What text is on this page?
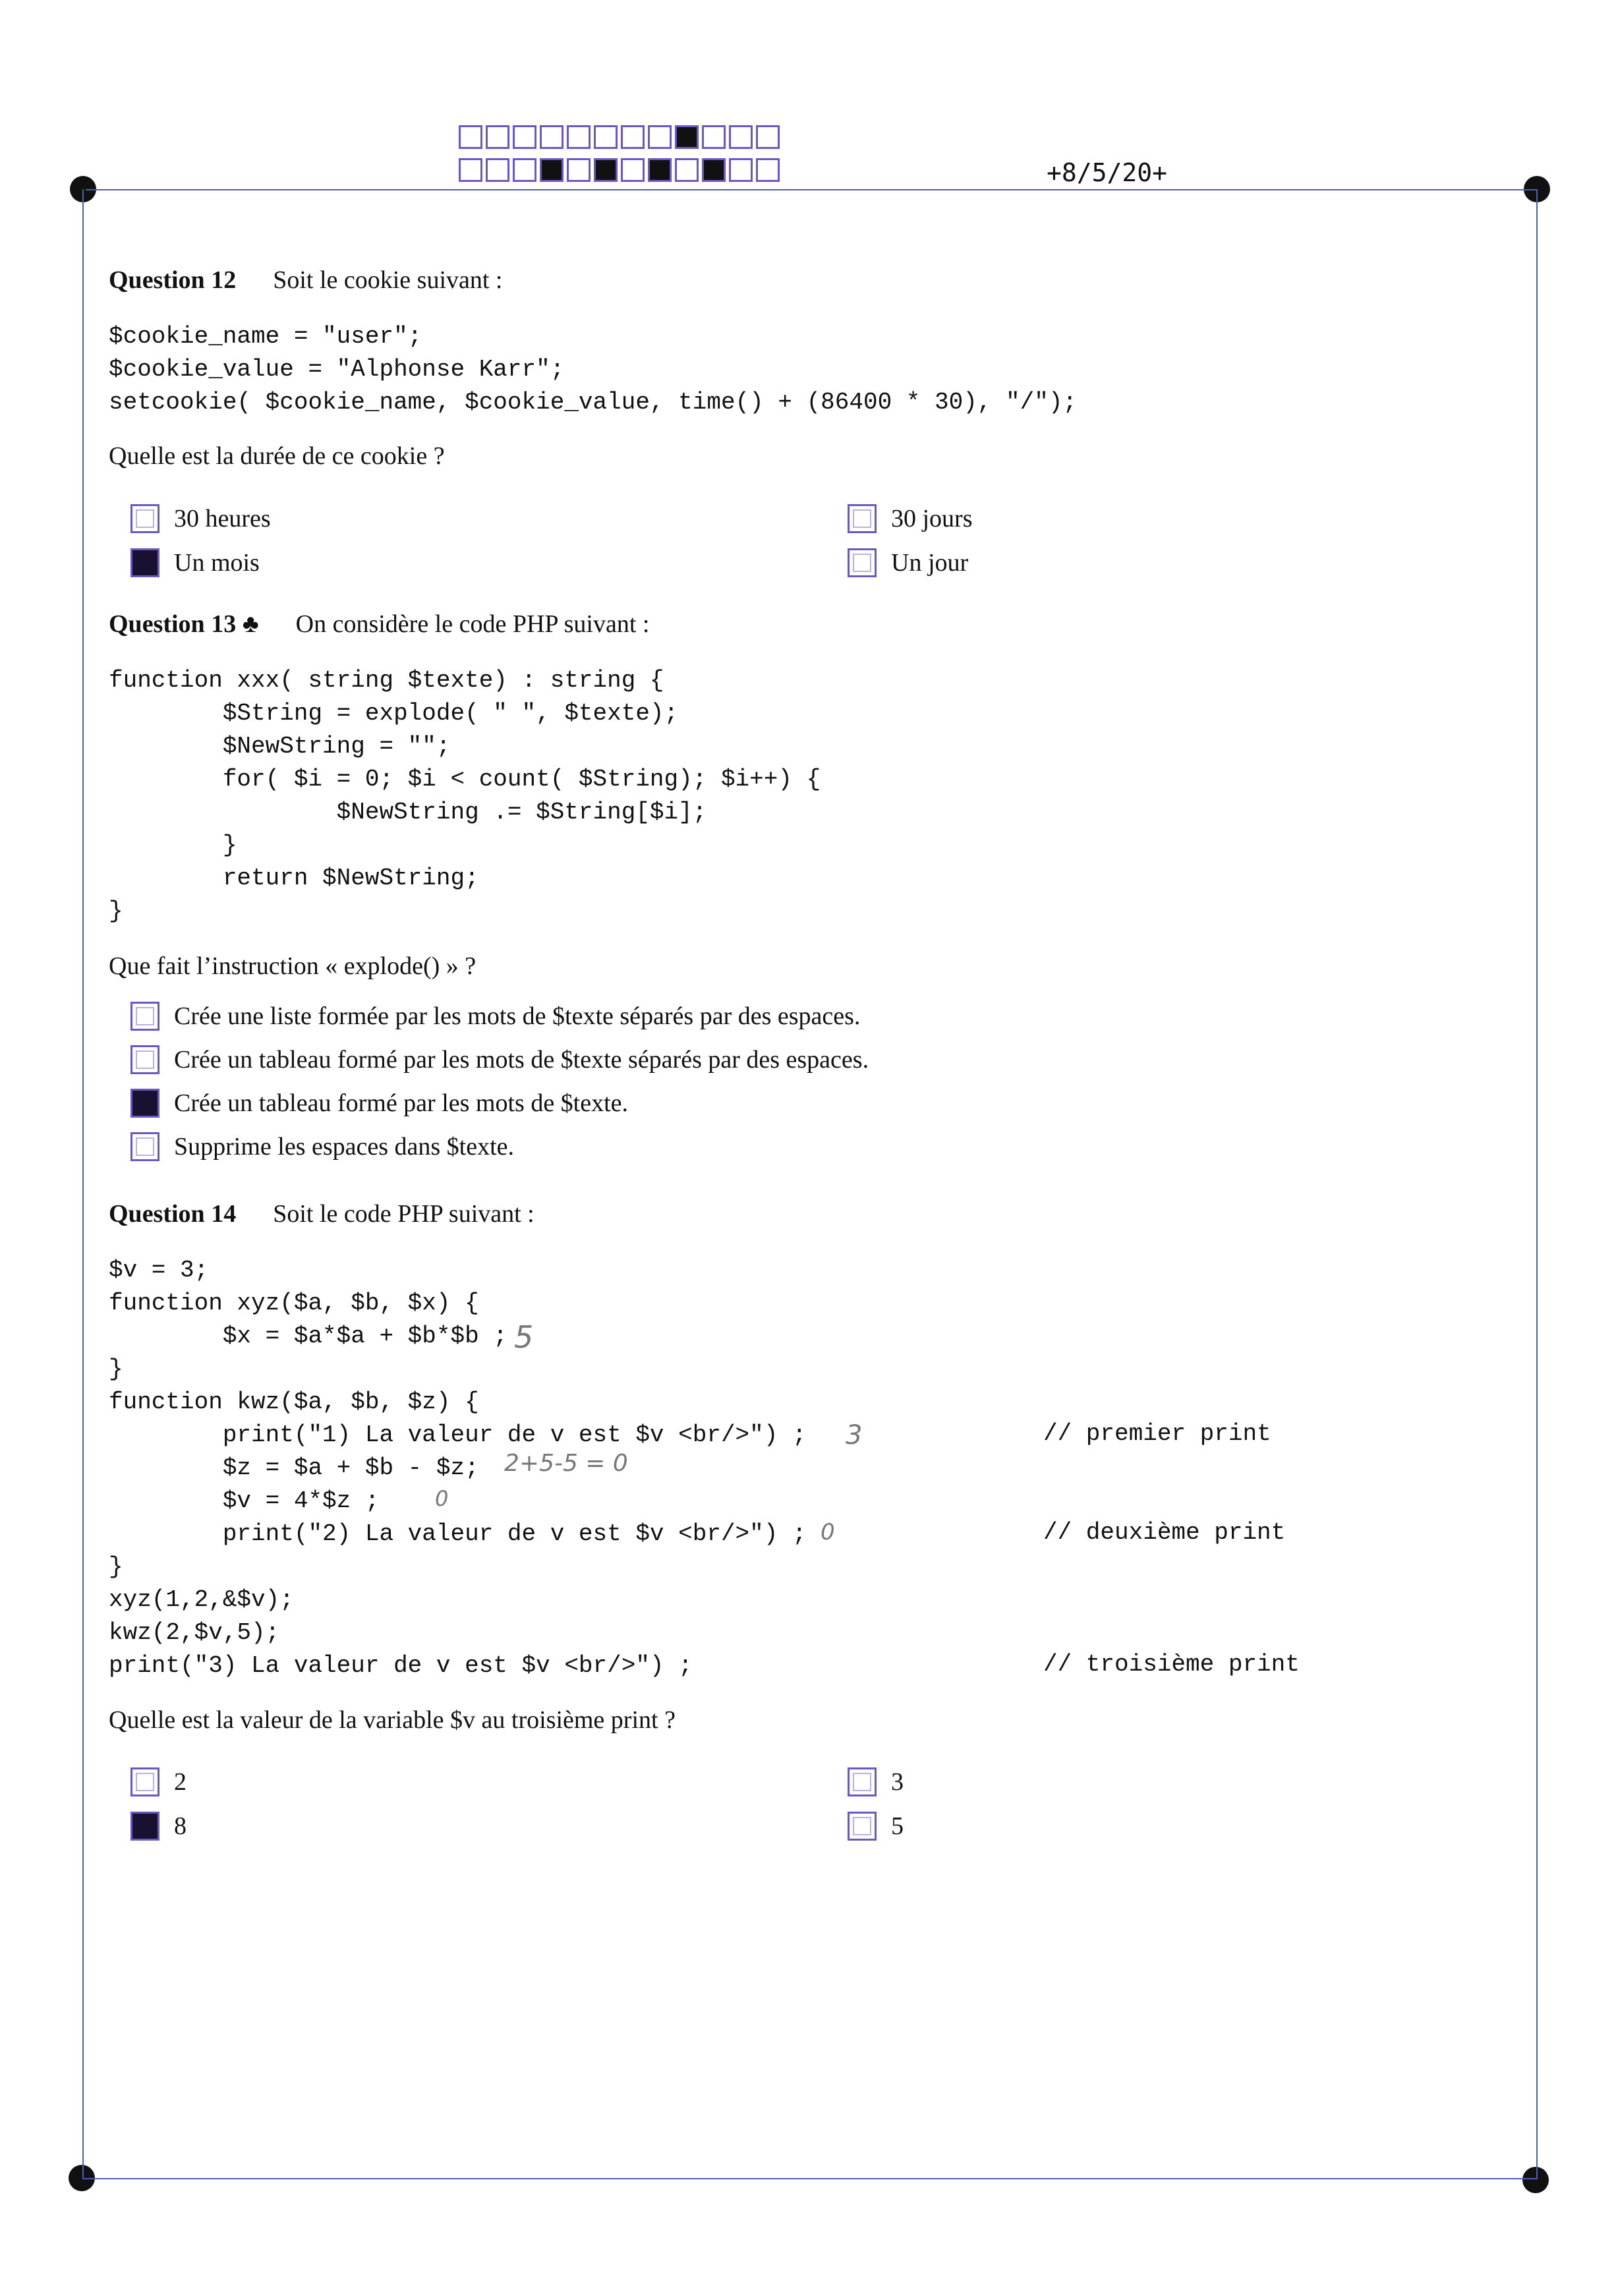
+8/5/20+
Question 12 Soit le cookie suivant :
$cookie_name = "user";
$cookie_value = "Alphonse Karr";
setcookie( $cookie_name, $cookie_value, time() + (86400 * 30), "/");
Quelle est la durée de ce cookie ?
30 heures	30 jours
Un mois	Un jour
Question 13 ♣ On considère le code PHP suivant :
function xxx( string $texte) : string {
$String = explode( " ", $texte);
$NewString = "";
for( $i = 0; $i < count( $String); $i++) {
$NewString .= $String[$i];
}
return $NewString;
}
Que fait l’instruction « explode() » ?
Crée une liste formée par les mots de $texte séparés par des espaces.
Crée un tableau formé par les mots de $texte séparés par des espaces.
Crée un tableau formé par les mots de $texte.
Supprime les espaces dans $texte.
Question 14 Soit le code PHP suivant :
$v = 3;
function xyz($a, $b, $x) {
$x = $a*$a + $b*$b ;
}
function kwz($a, $b, $z) {
print("1) La valeur de v est $v <br/>") ;
$z = $a + $b - $z;
$v = 4*$z ;
print("2) La valeur de v est $v <br/>") ;
}
xyz(1,2,&$v);
kwz(2,$v,5);
print("3) La valeur de v est $v <br/>") ;
// premier print
// deuxième print
// troisième print
5
3
2+5-5 = 0
0
0
Quelle est la valeur de la variable $v au troisième print ?
2	3
8	5
